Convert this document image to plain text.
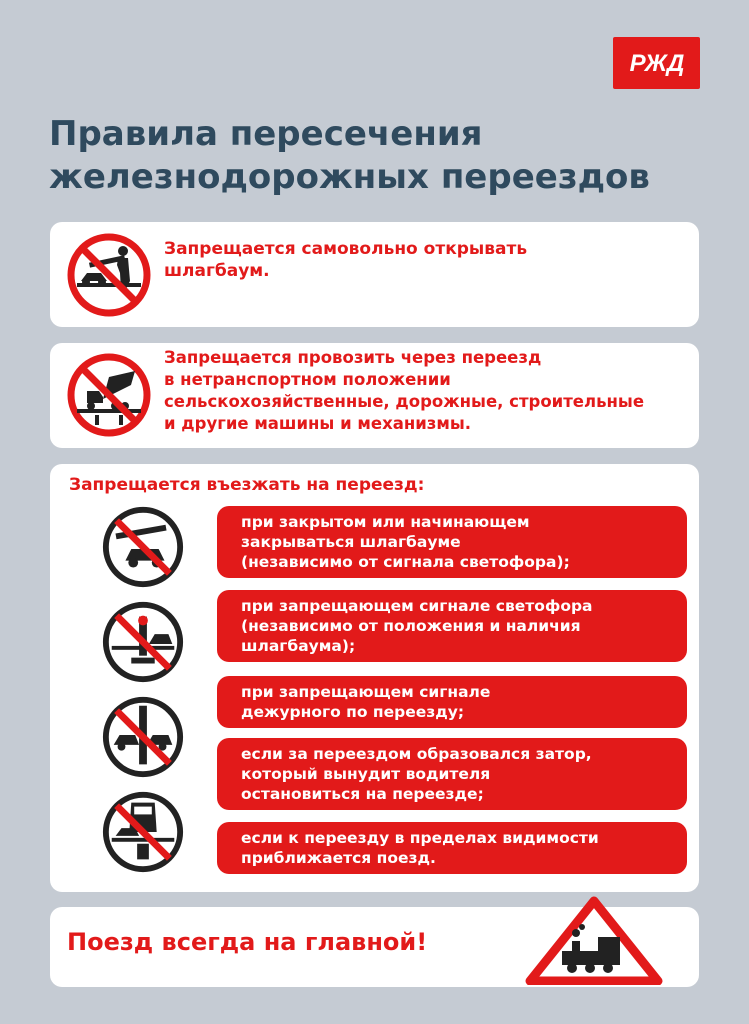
РЖД
Правила пересечения
железнодорожных переездов
Запрещается самовольно открывать
шлагбаум.
Запрещается провозить через переезд
в нетранспортном положении
сельскохозяйственные, дорожные, строительные
и другие машины и механизмы.
Запрещается въезжать на переезд:
при закрытом или начинающем
закрываться шлагбауме
(независимо от сигнала светофора);
при запрещающем сигнале светофора
(независимо от положения и наличия
шлагбаума);
при запрещающем сигнале
дежурного по переезду;
если за переездом образовался затор,
который вынудит водителя
остановиться на переезде;
если к переезду в пределах видимости
приближается поезд.
Поезд всегда на главной!
